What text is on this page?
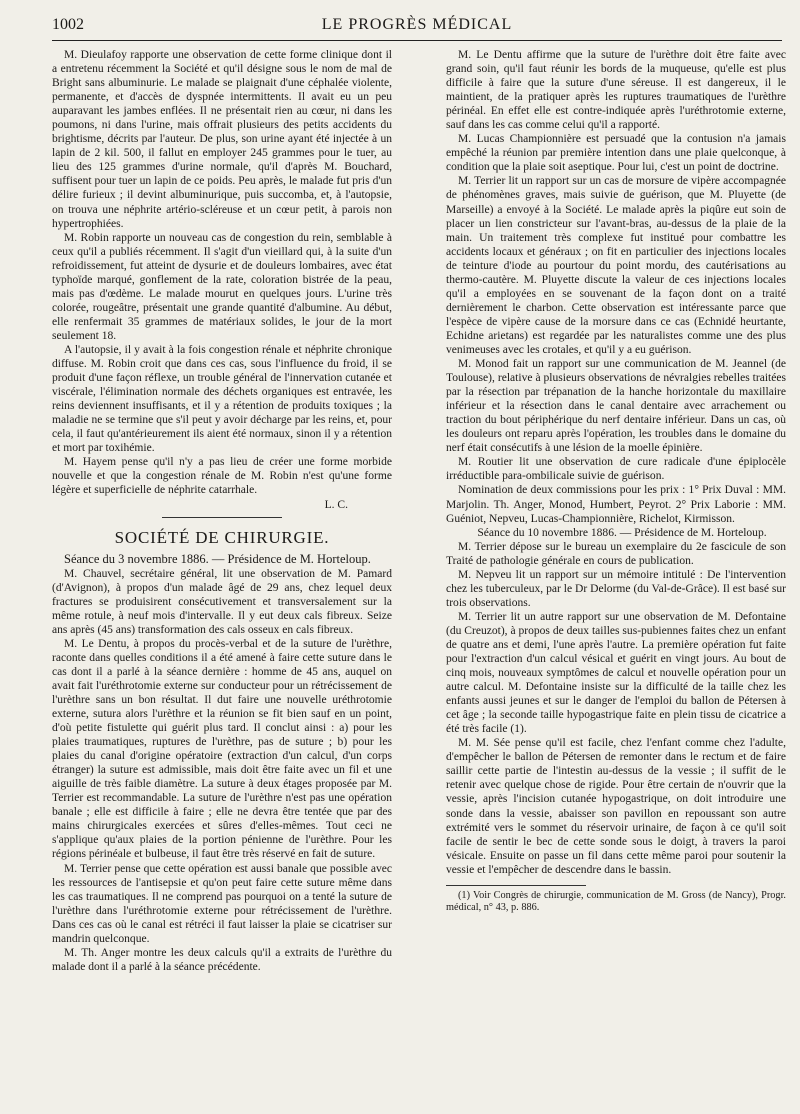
1002	LE PROGRÈS MÉDICAL

M. Dieulafoy rapporte une observation de cette forme clinique dont il a entretenu récemment la Société et qu'il désigne sous le nom de mal de Bright sans albuminurie. Le malade se plaignait d'une céphalée violente, permanente, et d'accès de dyspnée intermittents. Il avait eu un peu auparavant les jambes enflées. Il ne présentait rien au cœur, ni dans les poumons, ni dans l'urine, mais offrait plusieurs des petits accidents du brightisme, décrits par l'auteur. De plus, son urine ayant été injectée à un lapin de 2 kil. 500, il fallut en employer 245 grammes pour le tuer, au lieu des 125 grammes d'urine normale, qu'il d'après M. Bouchard, suffisent pour tuer un lapin de ce poids. Peu après, le malade fut pris d'un délire furieux ; il devint albuminurique, puis succomba, et, à l'autopsie, on trouva une néphrite artério-scléreuse et un cœur petit, à parois non hypertrophiées.

M. Robin rapporte un nouveau cas de congestion du rein, semblable à ceux qu'il a publiés récemment. Il s'agit d'un vieillard qui, à la suite d'un refroidissement, fut atteint de dysurie et de douleurs lombaires, avec état typhoïde marqué, gonflement de la rate, coloration bistrée de la peau, mais pas d'œdème. Le malade mourut en quelques jours. L'urine très colorée, rougeâtre, présentait une grande quantité d'albumine. Au début, elle renfermait 35 grammes de matériaux solides, le jour de la mort seulement 18.

A l'autopsie, il y avait à la fois congestion rénale et néphrite chronique diffuse. M. Robin croit que dans ces cas, sous l'influence du froid, il se produit d'une façon réflexe, un trouble général de l'innervation cutanée et viscérale, l'élimination normale des déchets organiques est entravée, les reins deviennent insuffisants, et il y a rétention de produits toxiques ; la maladie ne se termine que s'il peut y avoir décharge par les reins, et, pour cela, il faut qu'antérieurement ils aient été normaux, sinon il y a rétention et mort par toxihémie.

M. Hayem pense qu'il n'y a pas lieu de créer une forme morbide nouvelle et que la congestion rénale de M. Robin n'est qu'une forme légère et superficielle de néphrite catarrhale.

L. C.

SOCIÉTÉ DE CHIRURGIE.

Séance du 3 novembre 1886. — Présidence de M. Horteloup.

M. Chauvel, secrétaire général, lit une observation de M. Pamard (d'Avignon), à propos d'un malade âgé de 29 ans, chez lequel deux fractures se produisirent consécutivement et transversalement sur la même rotule, à neuf mois d'intervalle. Il y eut deux cals fibreux. Seize ans après (45 ans) transformation des cals osseux en cals fibreux.

M. Le Dentu, à propos du procès-verbal et de la suture de l'urèthre, raconte dans quelles conditions il a été amené à faire cette suture dans le cas dont il a parlé à la séance dernière : homme de 45 ans, auquel on avait fait l'uréthrotomie externe sur conducteur pour un rétrécissement de l'urèthre sans un bon résultat. Il dut faire une nouvelle uréthrotomie externe, sutura alors l'urèthre et la réunion se fit bien sauf en un point, d'où petite fistulette qui guérit plus tard. Il conclut ainsi : a) pour les plaies traumatiques, ruptures de l'urèthre, pas de suture ; b) pour les plaies du canal d'origine opératoire (extraction d'un calcul, d'un corps étranger) la suture est admissible, mais doit être faite avec un fil et une aiguille de très faible diamètre. La suture à deux étages proposée par M. Terrier est recommandable. La suture de l'urèthre n'est pas une opération banale ; elle est difficile à faire ; elle ne devra être tentée que par des mains chirurgicales exercées et sûres d'elles-mêmes. Tout ceci ne s'applique qu'aux plaies de la portion pénienne de l'urèthre. Pour les régions périnéale et bulbeuse, il faut être très réservé en fait de suture.

M. Terrier pense que cette opération est aussi banale que possible avec les ressources de l'antisepsie et qu'on peut faire cette suture même dans les cas traumatiques. Il ne comprend pas pourquoi on a tenté la suture de l'urèthre dans l'uréthrotomie externe pour rétrécissement de l'urèthre. Dans ces cas où le canal est rétréci il faut laisser la plaie se cicatriser sur mandrin quelconque.

M. Th. Anger montre les deux calculs qu'il a extraits de l'urèthre du malade dont il a parlé à la séance précédente.

M. Le Dentu affirme que la suture de l'urèthre doit être faite avec grand soin, qu'il faut réunir les bords de la muqueuse, qu'elle est plus difficile à faire que la suture d'une séreuse. Il est dangereux, il le maintient, de la pratiquer après les ruptures traumatiques de l'urèthre périnéal. En effet elle est contre-indiquée après l'uréthrotomie externe, sauf dans les cas comme celui qu'il a rapporté.

M. Lucas Championnière est persuadé que la contusion n'a jamais empêché la réunion par première intention dans une plaie quelconque, à condition que la plaie soit aseptique. Pour lui, c'est un point de doctrine.

M. Terrier lit un rapport sur un cas de morsure de vipère accompagnée de phénomènes graves, mais suivie de guérison, que M. Pluyette (de Marseille) a envoyé à la Société. Le malade après la piqûre eut soin de placer un lien constricteur sur l'avant-bras, au-dessus de la plaie de la main. Un traitement très complexe fut institué pour combattre les accidents locaux et généraux ; on fit en particulier des injections locales de teinture d'iode au pourtour du point mordu, des cautérisations au thermo-cautère. M. Pluyette discute la valeur de ces injections locales qu'il a employées en se souvenant de la façon dont on a traité dernièrement le charbon. Cette observation est intéressante parce que l'espèce de vipère cause de la morsure dans ce cas (Echnidé heurtante, Echidne arietans) est regardée par les naturalistes comme une des plus venimeuses avec les crotales, et qu'il y a eu guérison.

M. Monod fait un rapport sur une communication de M. Jeannel (de Toulouse), relative à plusieurs observations de névralgies rebelles traitées par la résection par trépanation de la hanche horizontale du maxillaire inférieur et la résection dans le canal dentaire avec arrachement ou traction du bout périphérique du nerf dentaire inférieur. Dans un cas, où les douleurs ont reparu après l'opération, les troubles dans le domaine du nerf était consécutifs à une lésion de la moelle épinière.

M. Routier lit une observation de cure radicale d'une épiplocèle irréductible para-ombilicale suivie de guérison.

Nomination de deux commissions pour les prix : 1° Prix Duval : MM. Marjolin. Th. Anger, Monod, Humbert, Peyrot. 2° Prix Laborie : MM. Guéniot, Nepveu, Lucas-Championnière, Richelot, Kirmisson.

Séance du 10 novembre 1886. — Présidence de M. Horteloup.

M. Terrier dépose sur le bureau un exemplaire du 2e fascicule de son Traité de pathologie générale en cours de publication.

M. Nepveu lit un rapport sur un mémoire intitulé : De l'intervention chez les tuberculeux, par le Dr Delorme (du Val-de-Grâce). Il est basé sur trois observations.

M. Terrier lit un autre rapport sur une observation de M. Defontaine (du Creuzot), à propos de deux tailles sus-pubiennes faites chez un enfant de quatre ans et demi, l'une après l'autre. La première opération fut faite pour l'extraction d'un calcul vésical et guérit en vingt jours. Au bout de cinq mois, nouveaux symptômes de calcul et nouvelle opération pour un autre calcul. M. Defontaine insiste sur la difficulté de la taille chez les enfants aussi jeunes et sur le danger de l'emploi du ballon de Pétersen à cet âge ; la seconde taille hypogastrique faite en plein tissu de cicatrice a été très facile (1).

M. M. Sée pense qu'il est facile, chez l'enfant comme chez l'adulte, d'empêcher le ballon de Pétersen de remonter dans le rectum et de faire saillir cette partie de l'intestin au-dessus de la vessie ; il suffit de le retenir avec quelque chose de rigide. Pour être certain de n'ouvrir que la vessie, après l'incision cutanée hypogastrique, on doit introduire une sonde dans la vessie, abaisser son pavillon en repoussant son autre extrémité vers le sommet du réservoir urinaire, de façon à ce qu'il soit facile de sentir le bec de cette sonde sous le doigt, à travers la paroi vésicale. Ensuite on passe un fil dans cette même paroi pour soutenir la vessie et l'empêcher de descendre dans le bassin.

(1) Voir Congrès de chirurgie, communication de M. Gross (de Nancy), Progr. médical, n° 43, p. 886.
